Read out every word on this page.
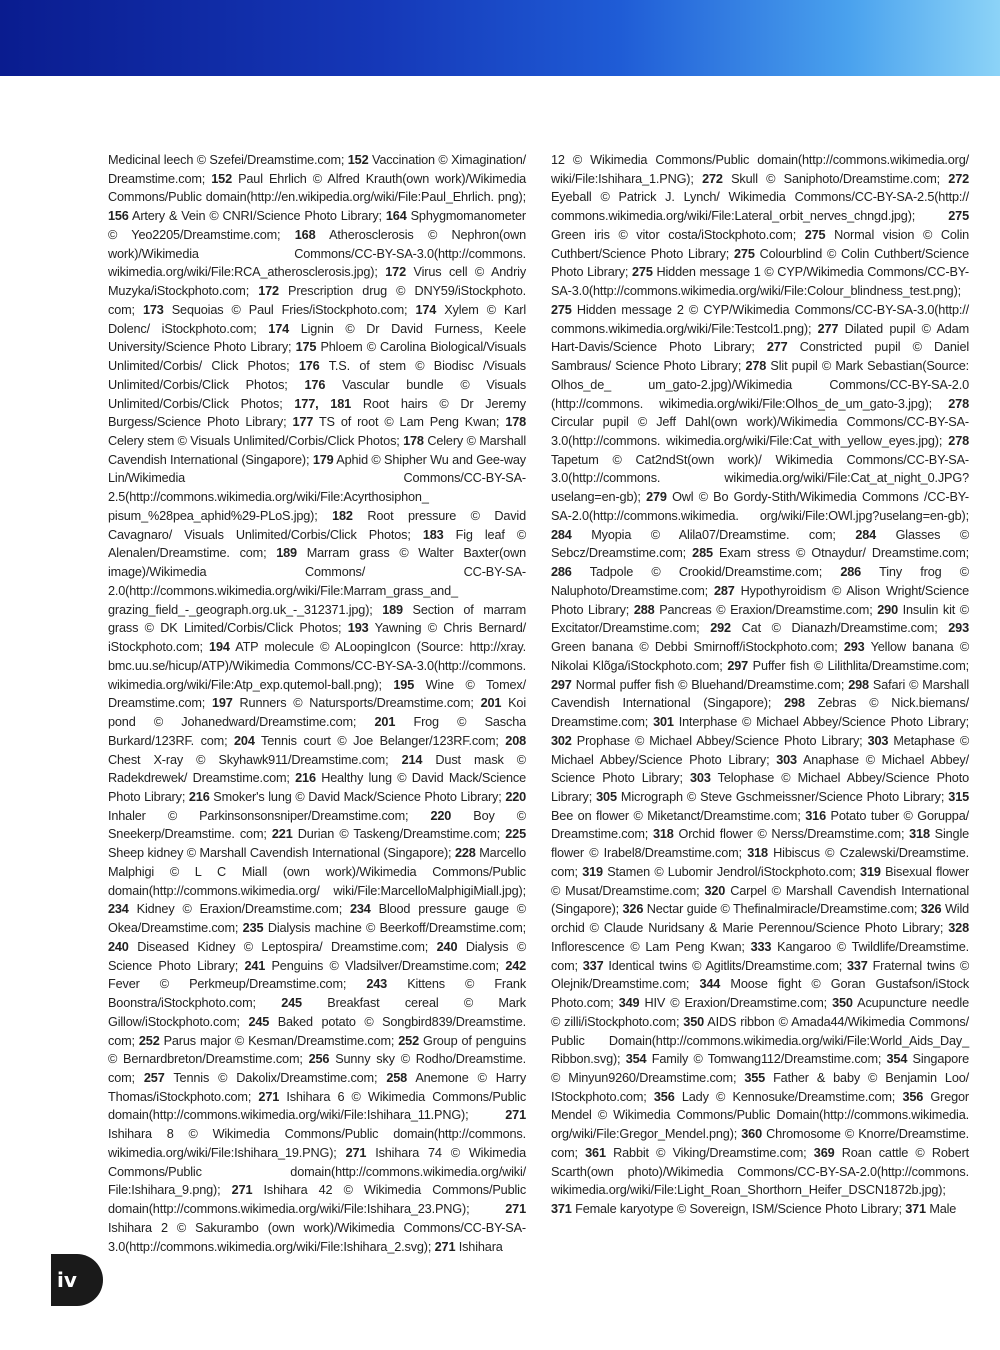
Medicinal leech © Szefei/Dreamstime.com; 152 Vaccination © Ximagination/ Dreamstime.com; 152 Paul Ehrlich © Alfred Krauth(own work)/Wikimedia Commons/Public domain(http://en.wikipedia.org/wiki/File:Paul_Ehrlich. png); 156 Artery & Vein © CNRI/Science Photo Library; 164 Sphygmomanometer © Yeo2205/Dreamstime.com; 168 Atherosclerosis © Nephron(own work)/Wikimedia Commons/CC-BY-SA-3.0(http://commons. wikimedia.org/wiki/File:RCA_atherosclerosis.jpg); 172 Virus cell © Andriy Muzyka/iStockphoto.com; 172 Prescription drug © DNY59/iStockphoto. com; 173 Sequoias © Paul Fries/iStockphoto.com; 174 Xylem © Karl Dolenc/ iStockphoto.com; 174 Lignin © Dr David Furness, Keele University/Science Photo Library; 175 Phloem © Carolina Biological/Visuals Unlimited/Corbis/ Click Photos; 176 T.S. of stem © Biodisc /Visuals Unlimited/Corbis/Click Photos; 176 Vascular bundle © Visuals Unlimited/Corbis/Click Photos; 177, 181 Root hairs © Dr Jeremy Burgess/Science Photo Library; 177 TS of root © Lam Peng Kwan; 178 Celery stem © Visuals Unlimited/Corbis/Click Photos; 178 Celery © Marshall Cavendish International (Singapore); 179 Aphid © Shipher Wu and Gee-way Lin/Wikimedia Commons/CC-BY-SA- 2.5(http://commons.wikimedia.org/wiki/File:Acyrthosiphon_ pisum_%28pea_aphid%29-PLoS.jpg); 182 Root pressure © David Cavagnaro/ Visuals Unlimited/Corbis/Click Photos; 183 Fig leaf © Alenalen/Dreamstime. com; 189 Marram grass © Walter Baxter(own image)/Wikimedia Commons/ CC-BY-SA-2.0(http://commons.wikimedia.org/wiki/File:Marram_grass_and_ grazing_field_-_geograph.org.uk_-_312371.jpg); 189 Section of marram grass © DK Limited/Corbis/Click Photos; 193 Yawning © Chris Bernard/ iStockphoto.com; 194 ATP molecule © ALoopingIcon (Source: http://xray. bmc.uu.se/hicup/ATP)/Wikimedia Commons/CC-BY-SA-3.0(http://commons. wikimedia.org/wiki/File:Atp_exp.qutemol-ball.png); 195 Wine © Tomex/ Dreamstime.com; 197 Runners © Natursports/Dreamstime.com; 201 Koi pond © Johanedward/Dreamstime.com; 201 Frog © Sascha Burkard/123RF. com; 204 Tennis court © Joe Belanger/123RF.com; 208 Chest X-ray © Skyhawk911/Dreamstime.com; 214 Dust mask © Radekdrewek/ Dreamstime.com; 216 Healthy lung © David Mack/Science Photo Library; 216 Smoker's lung © David Mack/Science Photo Library; 220 Inhaler © Parkinsonsonsniper/Dreamstime.com; 220 Boy © Sneekerp/Dreamstime. com; 221 Durian © Taskeng/Dreamstime.com; 225 Sheep kidney © Marshall Cavendish International (Singapore); 228 Marcello Malphigi © L C Miall (own work)/Wikimedia Commons/Public domain(http://commons.wikimedia.org/ wiki/File:MarcelloMalphigiMiall.jpg); 234 Kidney © Eraxion/Dreamstime.com; 234 Blood pressure gauge © Okea/Dreamstime.com; 235 Dialysis machine © Beerkoff/Dreamstime.com; 240 Diseased Kidney © Leptospira/ Dreamstime.com; 240 Dialysis © Science Photo Library; 241 Penguins © Vladsilver/Dreamstime.com; 242 Fever © Perkmeup/Dreamstime.com; 243 Kittens © Frank Boonstra/iStockphoto.com; 245 Breakfast cereal © Mark Gillow/iStockphoto.com; 245 Baked potato © Songbird839/Dreamstime. com; 252 Parus major © Kesman/Dreamstime.com; 252 Group of penguins © Bernardbreton/Dreamstime.com; 256 Sunny sky © Rodho/Dreamstime. com; 257 Tennis © Dakolix/Dreamstime.com; 258 Anemone © Harry Thomas/iStockphoto.com; 271 Ishihara 6 © Wikimedia Commons/Public domain(http://commons.wikimedia.org/wiki/File:Ishihara_11.PNG);	271 Ishihara 8 © Wikimedia Commons/Public domain(http://commons. wikimedia.org/wiki/File:Ishihara_19.PNG); 271 Ishihara 74 © Wikimedia Commons/Public domain(http://commons.wikimedia.org/wiki/ File:Ishihara_9.png); 271 Ishihara 42 © Wikimedia Commons/Public domain(http://commons.wikimedia.org/wiki/File:Ishihara_23.PNG);	271 Ishihara 2 © Sakurambo (own work)/Wikimedia Commons/CC-BY-SA- 3.0(http://commons.wikimedia.org/wiki/File:Ishihara_2.svg); 271 Ishihara
12 © Wikimedia Commons/Public domain(http://commons.wikimedia.org/ wiki/File:Ishihara_1.PNG); 272 Skull © Saniphoto/Dreamstime.com; 272 Eyeball © Patrick J. Lynch/ Wikimedia Commons/CC-BY-SA-2.5(http:// commons.wikimedia.org/wiki/File:Lateral_orbit_nerves_chngd.jpg);	275 Green iris © vitor costa/iStockphoto.com; 275 Normal vision © Colin Cuthbert/Science Photo Library; 275 Colourblind © Colin Cuthbert/Science Photo Library; 275 Hidden message 1 © CYP/Wikimedia Commons/CC-BY- SA-3.0(http://commons.wikimedia.org/wiki/File:Colour_blindness_test.png); 275 Hidden message 2 © CYP/Wikimedia Commons/CC-BY-SA-3.0(http:// commons.wikimedia.org/wiki/File:Testcol1.png); 277 Dilated pupil © Adam Hart-Davis/Science Photo Library; 277 Constricted pupil © Daniel Sambraus/ Science Photo Library; 278 Slit pupil © Mark Sebastian(Source: Olhos_de_ um_gato-2.jpg)/Wikimedia Commons/CC-BY-SA-2.0 (http://commons. wikimedia.org/wiki/File:Olhos_de_um_gato-3.jpg); 278 Circular pupil © Jeff Dahl(own work)/Wikimedia Commons/CC-BY-SA-3.0(http://commons. wikimedia.org/wiki/File:Cat_with_yellow_eyes.jpg); 278 Tapetum © Cat2ndSt(own work)/ Wikimedia Commons/CC-BY-SA-3.0(http://commons. wikimedia.org/wiki/File:Cat_at_night_0.JPG?uselang=en-gb); 279 Owl © Bo Gordy-Stith/Wikimedia Commons /CC-BY-SA-2.0(http://commons.wikimedia. org/wiki/File:OWl.jpg?uselang=en-gb); 284 Myopia © Alila07/Dreamstime. com; 284 Glasses © Sebcz/Dreamstime.com; 285 Exam stress © Otnaydur/ Dreamstime.com; 286 Tadpole © Crookid/Dreamstime.com; 286 Tiny frog © Naluphoto/Dreamstime.com; 287 Hypothyroidism © Alison Wright/Science Photo Library; 288 Pancreas © Eraxion/Dreamstime.com; 290 Insulin kit © Excitator/Dreamstime.com; 292 Cat © Dianazh/Dreamstime.com; 293 Green banana © Debbi Smirnoff/iStockphoto.com; 293 Yellow banana © Nikolai Klõga/iStockphoto.com; 297 Puffer fish © Lilithlita/Dreamstime.com; 297 Normal puffer fish © Bluehand/Dreamstime.com; 298 Safari © Marshall Cavendish International (Singapore); 298 Zebras © Nick.biemans/ Dreamstime.com; 301 Interphase © Michael Abbey/Science Photo Library; 302 Prophase © Michael Abbey/Science Photo Library; 303 Metaphase © Michael Abbey/Science Photo Library; 303 Anaphase © Michael Abbey/ Science Photo Library; 303 Telophase © Michael Abbey/Science Photo Library; 305 Micrograph © Steve Gschmeissner/Science Photo Library; 315 Bee on flower © Miketanct/Dreamstime.com; 316 Potato tuber © Goruppa/ Dreamstime.com; 318 Orchid flower © Nerss/Dreamstime.com; 318 Single flower © Irabel8/Dreamstime.com; 318 Hibiscus © Czalewski/Dreamstime. com; 319 Stamen © Lubomir Jendrol/iStockphoto.com; 319 Bisexual flower © Musat/Dreamstime.com; 320 Carpel © Marshall Cavendish International (Singapore); 326 Nectar guide © Thefinalmiracle/Dreamstime.com; 326 Wild orchid © Claude Nuridsany & Marie Perennou/Science Photo Library; 328 Inflorescence © Lam Peng Kwan; 333 Kangaroo © Twildlife/Dreamstime. com; 337 Identical twins © Agitlits/Dreamstime.com; 337 Fraternal twins © Olejnik/Dreamstime.com; 344 Moose fight © Goran Gustafson/iStock Photo.com; 349 HIV © Eraxion/Dreamstime.com; 350 Acupuncture needle © zilli/iStockphoto.com; 350 AIDS ribbon © Amada44/Wikimedia Commons/ Public Domain(http://commons.wikimedia.org/wiki/File:World_Aids_Day_ Ribbon.svg); 354 Family © Tomwang112/Dreamstime.com; 354 Singapore © Minyun9260/Dreamstime.com; 355 Father & baby © Benjamin Loo/ IStockphoto.com; 356 Lady © Kennosuke/Dreamstime.com; 356 Gregor Mendel © Wikimedia Commons/Public Domain(http://commons.wikimedia. org/wiki/File:Gregor_Mendel.png); 360 Chromosome © Knorre/Dreamstime. com; 361 Rabbit © Viking/Dreamstime.com; 369 Roan cattle © Robert Scarth(own photo)/Wikimedia Commons/CC-BY-SA-2.0(http://commons. wikimedia.org/wiki/File:Light_Roan_Shorthorn_Heifer_DSCN1872b.jpg); 371 Female karyotype © Sovereign, ISM/Science Photo Library; 371 Male
iv
